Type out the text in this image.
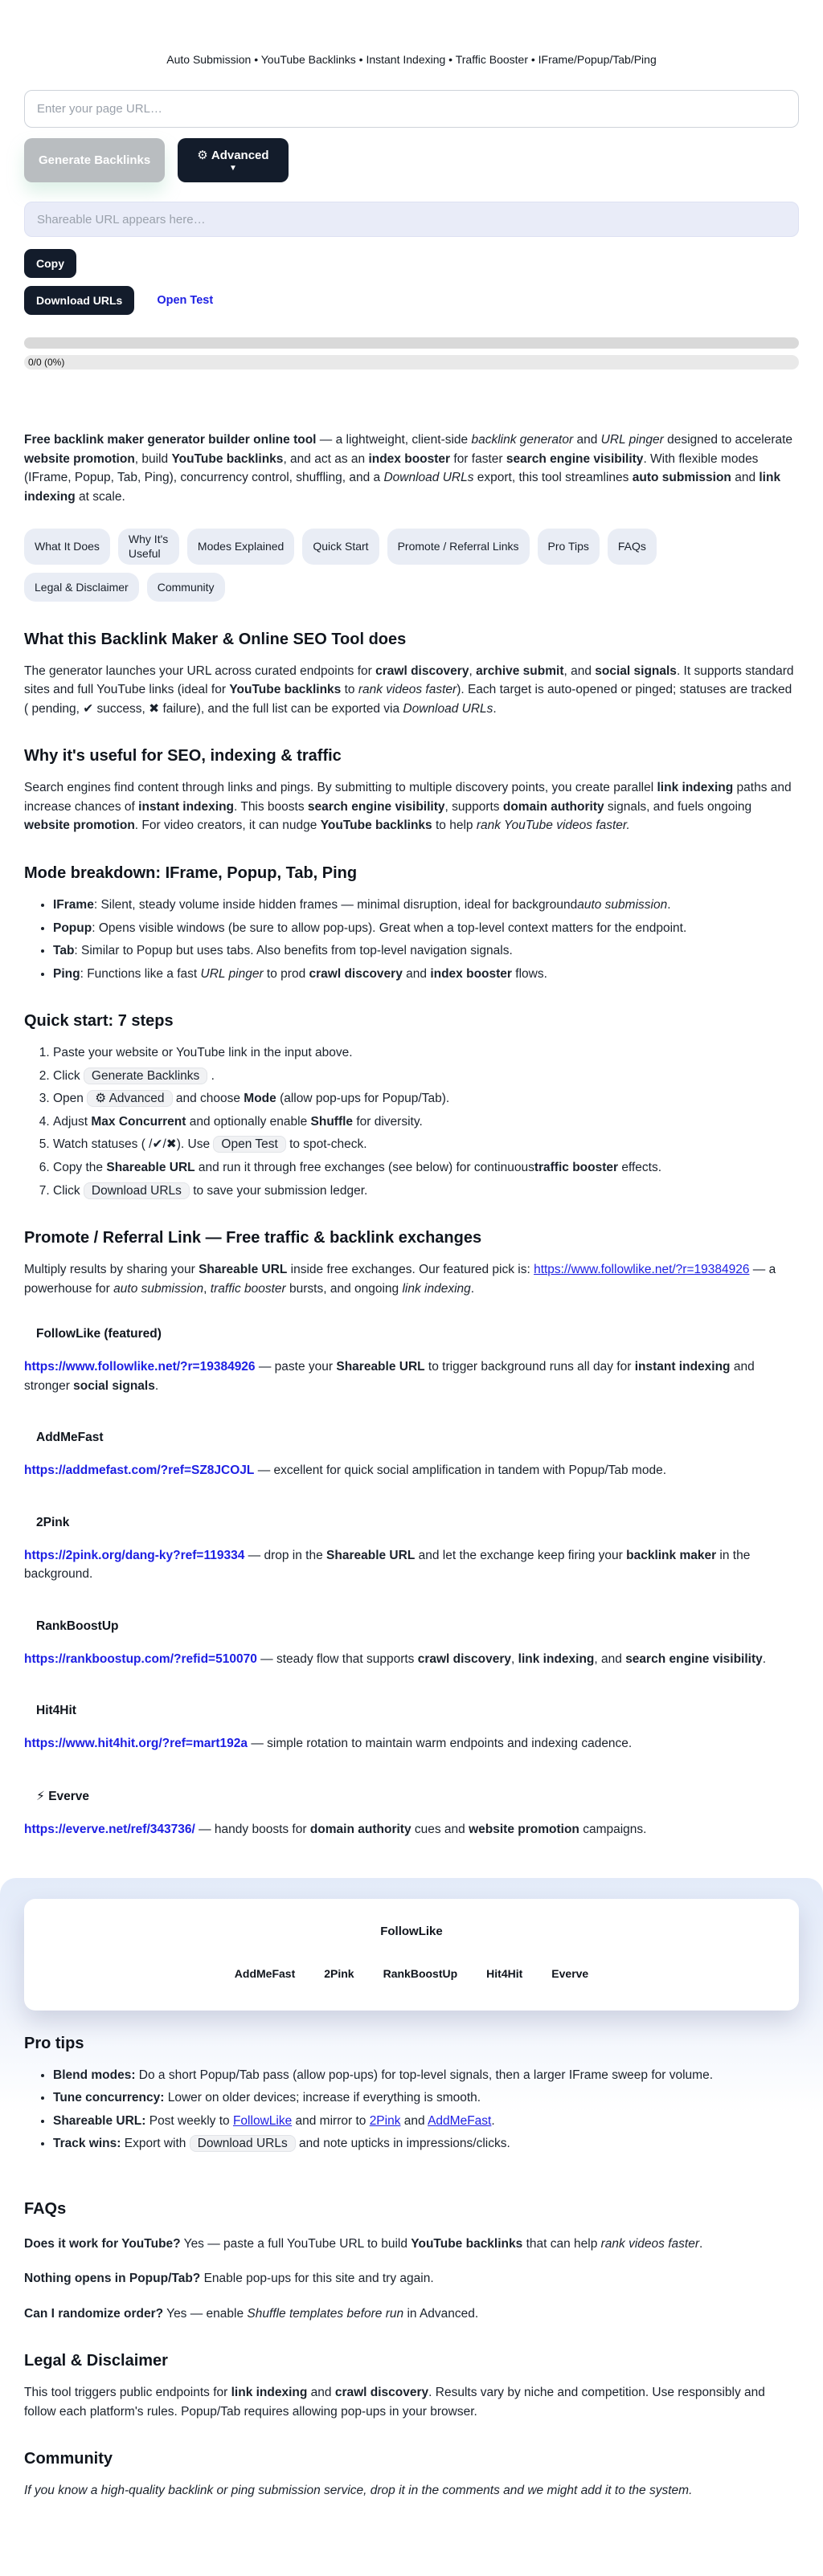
Auto Submission • YouTube Backlinks • Instant Indexing • Traffic Booster • IFrame/Popup/Tab/Ping

Enter your page URL…
Generate Backlinks	⚙ Advanced
▼
Shareable URL appears here…
Copy
Download URLs	Open Test
0/0 (0%)

Free backlink maker generator builder online tool — a lightweight, client-side backlink generator and URL pinger designed to accelerate website promotion, build YouTube backlinks, and act as an index booster for faster search engine visibility. With flexible modes (IFrame, Popup, Tab, Ping), concurrency control, shuffling, and a Download URLs export, this tool streamlines auto submission and link indexing at scale.

What It Does
Why It's Useful
Modes Explained	Quick Start	Promote / Referral Links	Pro Tips	FAQs
Legal & Disclaimer	Community
What this Backlink Maker & Online SEO Tool does

The generator launches your URL across curated endpoints for crawl discovery, archive submit, and social signals. It supports standard sites and full YouTube links (ideal for YouTube backlinks to rank videos faster). Each target is auto-opened or pinged; statuses are tracked ( pending, ✔ success, ✖ failure), and the full list can be exported via Download URLs.

Why it's useful for SEO, indexing & traffic

Search engines find content through links and pings. By submitting to multiple discovery points, you create parallel link indexing paths and increase chances of instant indexing. This boosts search engine visibility, supports domain authority signals, and fuels ongoing website promotion. For video creators, it can nudge YouTube backlinks to help rank YouTube videos faster.

Mode breakdown: IFrame, Popup, Tab, Ping
• IFrame: Silent, steady volume inside hidden frames — minimal disruption, ideal for backgroundauto submission.
• Popup: Opens visible windows (be sure to allow pop-ups). Great when a top-level context matters for the endpoint.
• Tab: Similar to Popup but uses tabs. Also benefits from top-level navigation signals.
• Ping: Functions like a fast URL pinger to prod crawl discovery and index booster flows.
Quick start: 7 steps
1. Paste your website or YouTube link in the input above.
2. Click Generate Backlinks .
3. Open ⚙ Advanced and choose Mode (allow pop-ups for Popup/Tab).
4. Adjust Max Concurrent and optionally enable Shuffle for diversity.
5. Watch statuses ( /✔/✖). Use Open Test to spot-check.
6. Copy the Shareable URL and run it through free exchanges (see below) for continuoustraffic booster effects.
7. Click Download URLs to save your submission ledger.
Promote / Referral Link — Free traffic & backlink exchanges

Multiply results by sharing your Shareable URL inside free exchanges. Our featured pick is: https://www.followlike.net/?r=19384926 — a powerhouse for auto submission, traffic booster bursts, and ongoing link indexing.

FollowLike (featured)

https://www.followlike.net/?r=19384926 — paste your Shareable URL to trigger background runs all day for instant indexing and stronger social signals.

AddMeFast

https://addmefast.com/?ref=SZ8JCOJL — excellent for quick social amplification in tandem with Popup/Tab mode.

2Pink

https://2pink.org/dang-ky?ref=119334 — drop in the Shareable URL and let the exchange keep firing your backlink maker in the background.

RankBoostUp

https://rankboostup.com/?refid=510070 — steady flow that supports crawl discovery, link indexing, and search engine visibility.

Hit4Hit

https://www.hit4hit.org/?ref=mart192a — simple rotation to maintain warm endpoints and indexing cadence.

⚡ Everve

https://everve.net/ref/343736/ — handy boosts for domain authority cues and website promotion campaigns.

FollowLike
AddMeFast	2Pink	RankBoostUp	Hit4Hit	Everve
Pro tips
• Blend modes: Do a short Popup/Tab pass (allow pop-ups) for top-level signals, then a larger IFrame sweep for volume.
• Tune concurrency: Lower on older devices; increase if everything is smooth.
• Shareable URL: Post weekly to FollowLike and mirror to 2Pink and AddMeFast.
• Track wins: Export with Download URLs and note upticks in impressions/clicks.
FAQs

Does it work for YouTube? Yes — paste a full YouTube URL to build YouTube backlinks that can help rank videos faster.

Nothing opens in Popup/Tab? Enable pop-ups for this site and try again.

Can I randomize order? Yes — enable Shuffle templates before run in Advanced.

Legal & Disclaimer

This tool triggers public endpoints for link indexing and crawl discovery. Results vary by niche and competition. Use responsibly and follow each platform's rules. Popup/Tab requires allowing pop-ups in your browser.

Community

If you know a high-quality backlink or ping submission service, drop it in the comments and we might add it to the system.
